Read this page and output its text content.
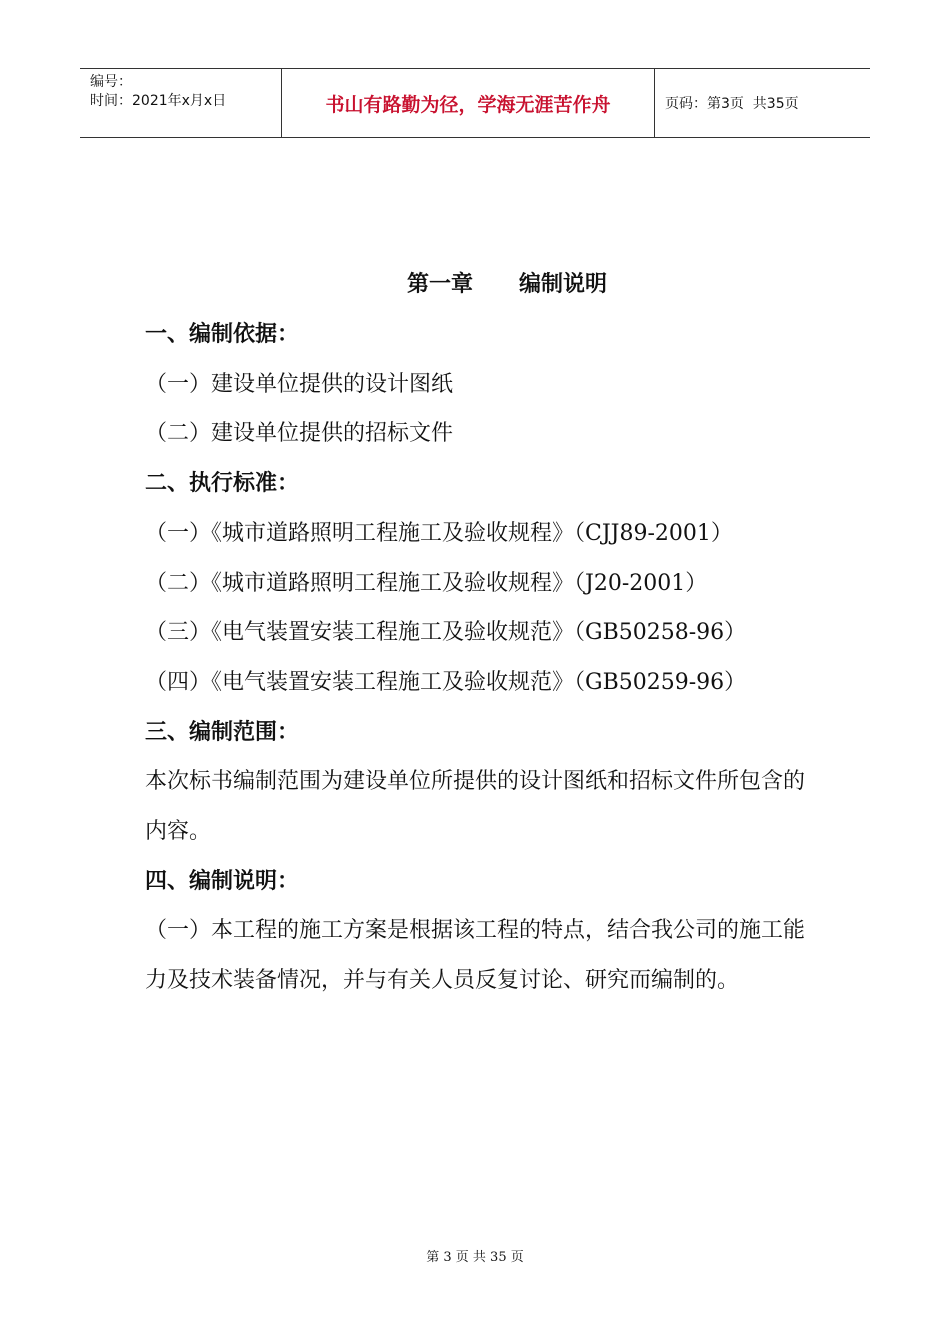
编号：
时间：2021年x月x日	书山有路勤为径，学海无涯苦作舟	页码：第3页  共35页
第一章      编制说明
一、编制依据：
（一）建设单位提供的设计图纸
（二）建设单位提供的招标文件
二、执行标准：
（一）《城市道路照明工程施工及验收规程》（CJJ89-2001）
（二）《城市道路照明工程施工及验收规程》（J20-2001）
（三）《电气装置安装工程施工及验收规范》（GB50258-96）
（四）《电气装置安装工程施工及验收规范》（GB50259-96）
三、编制范围：
本次标书编制范围为建设单位所提供的设计图纸和招标文件所包含的内容。
四、编制说明：
（一）本工程的施工方案是根据该工程的特点，结合我公司的施工能力及技术装备情况，并与有关人员反复讨论、研究而编制的。
第 3 页 共 35 页
